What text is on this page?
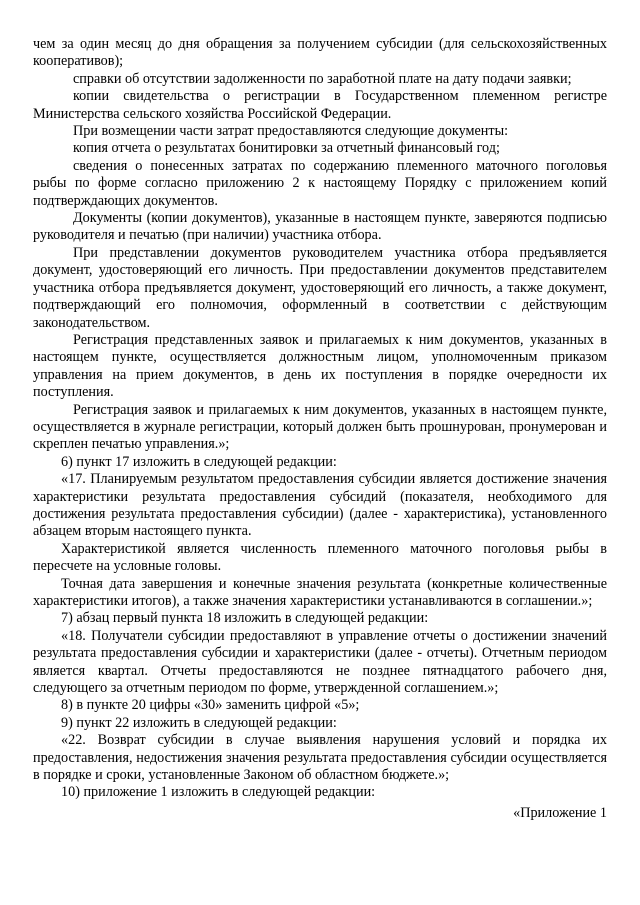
чем за один месяц до дня обращения за получением субсидии (для сельскохозяйственных кооперативов);

справки об отсутствии задолженности по заработной плате на дату подачи заявки;

копии свидетельства о регистрации в Государственном племенном регистре Министерства сельского хозяйства Российской Федерации.

При возмещении части затрат предоставляются следующие документы:

копия отчета о результатах бонитировки за отчетный финансовый год;

сведения о понесенных затратах по содержанию племенного маточного поголовья рыбы по форме согласно приложению 2 к настоящему Порядку с приложением копий подтверждающих документов.

Документы (копии документов), указанные в настоящем пункте, заверяются подписью руководителя и печатью (при наличии) участника отбора.

При представлении документов руководителем участника отбора предъявляется документ, удостоверяющий его личность. При предоставлении документов представителем участника отбора предъявляется документ, удостоверяющий его личность, а также документ, подтверждающий его полномочия, оформленный в соответствии с действующим законодательством.

Регистрация представленных заявок и прилагаемых к ним документов, указанных в настоящем пункте, осуществляется должностным лицом, уполномоченным приказом управления на прием документов, в день их поступления в порядке очередности их поступления.

Регистрация заявок и прилагаемых к ним документов, указанных в настоящем пункте, осуществляется в журнале регистрации, который должен быть прошнурован, пронумерован и скреплен печатью управления.»;

6) пункт 17 изложить в следующей редакции:

«17. Планируемым результатом предоставления субсидии является достижение значения характеристики результата предоставления субсидий (показателя, необходимого для достижения результата предоставления субсидии) (далее - характеристика), установленного абзацем вторым настоящего пункта.

Характеристикой является численность племенного маточного поголовья рыбы в пересчете на условные головы.

Точная дата завершения и конечные значения результата (конкретные количественные характеристики итогов), а также значения характеристики устанавливаются в соглашении.»;

7) абзац первый пункта 18 изложить в следующей редакции:

«18. Получатели субсидии предоставляют в управление отчеты о достижении значений результата предоставления субсидии и характеристики (далее - отчеты). Отчетным периодом является квартал. Отчеты предоставляются не позднее пятнадцатого рабочего дня, следующего за отчетным периодом по форме, утвержденной соглашением.»;

8) в пункте 20 цифры «30» заменить цифрой «5»;

9) пункт 22 изложить в следующей редакции:

«22. Возврат субсидии в случае выявления нарушения условий и порядка их предоставления, недостижения значения результата предоставления субсидии осуществляется в порядке и сроки, установленные Законом об областном бюджете.»;

10) приложение 1 изложить в следующей редакции:

«Приложение 1
